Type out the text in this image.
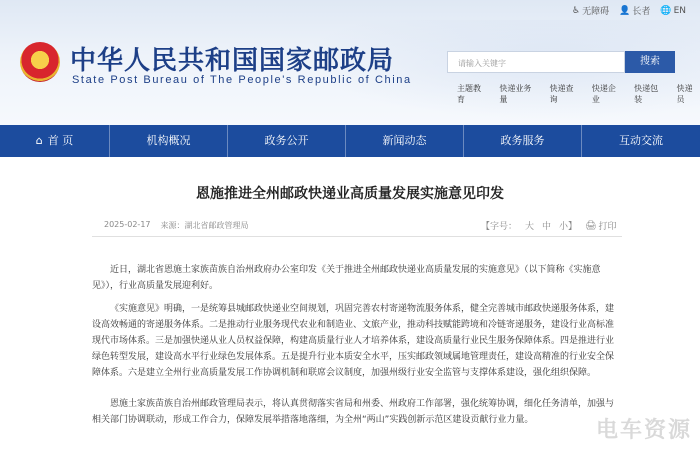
♿ 无障碍 👤 长者 🌐 EN
★
中华人民共和国国家邮政局
State Post Bureau of The People's Republic of China
请输入关键字	搜索
主题教育
快递业务量
快递查询
快递企业
快递包装
快递员
⌂ 首 页	机构概况	政务公开	新闻动态	政务服务	互动交流
恩施推进全州邮政快递业高质量发展实施意见印发
2025-02-17 来源：湖北省邮政管理局	【字号： 大 中 小】 🖨 打印
近日，湖北省恩施土家族苗族自治州政府办公室印发《关于推进全州邮政快递业高质量发展的实施意见》（以下简称《实施意见》），行业高质量发展迎利好。
《实施意见》明确，一是统筹县城邮政快递业空间规划，巩固完善农村寄递物流服务体系，健全完善城市邮政快递服务体系，建设高效畅通的寄递服务体系。二是推动行业服务现代农业和制造业、文旅产业，推动科技赋能跨境和冷链寄递服务，建设行业高标准现代市场体系。三是加强快递从业人员权益保障，构建高质量行业人才培养体系，建设高质量行业民生服务保障体系。四是推进行业绿色转型发展，建设高水平行业绿色发展体系。五是提升行业本质安全水平，压实邮政领域属地管理责任，建设高精准的行业安全保障体系。六是建立全州行业高质量发展工作协调机制和联席会议制度，加强州级行业安全监管与支撑体系建设，强化组织保障。
恩施土家族苗族自治州邮政管理局表示，将认真贯彻落实省局和州委、州政府工作部署，强化统筹协调，细化任务清单，加强与相关部门协调联动，形成工作合力，保障发展举措落地落细，为全州“两山”实践创新示范区建设贡献行业力量。	电车资源
